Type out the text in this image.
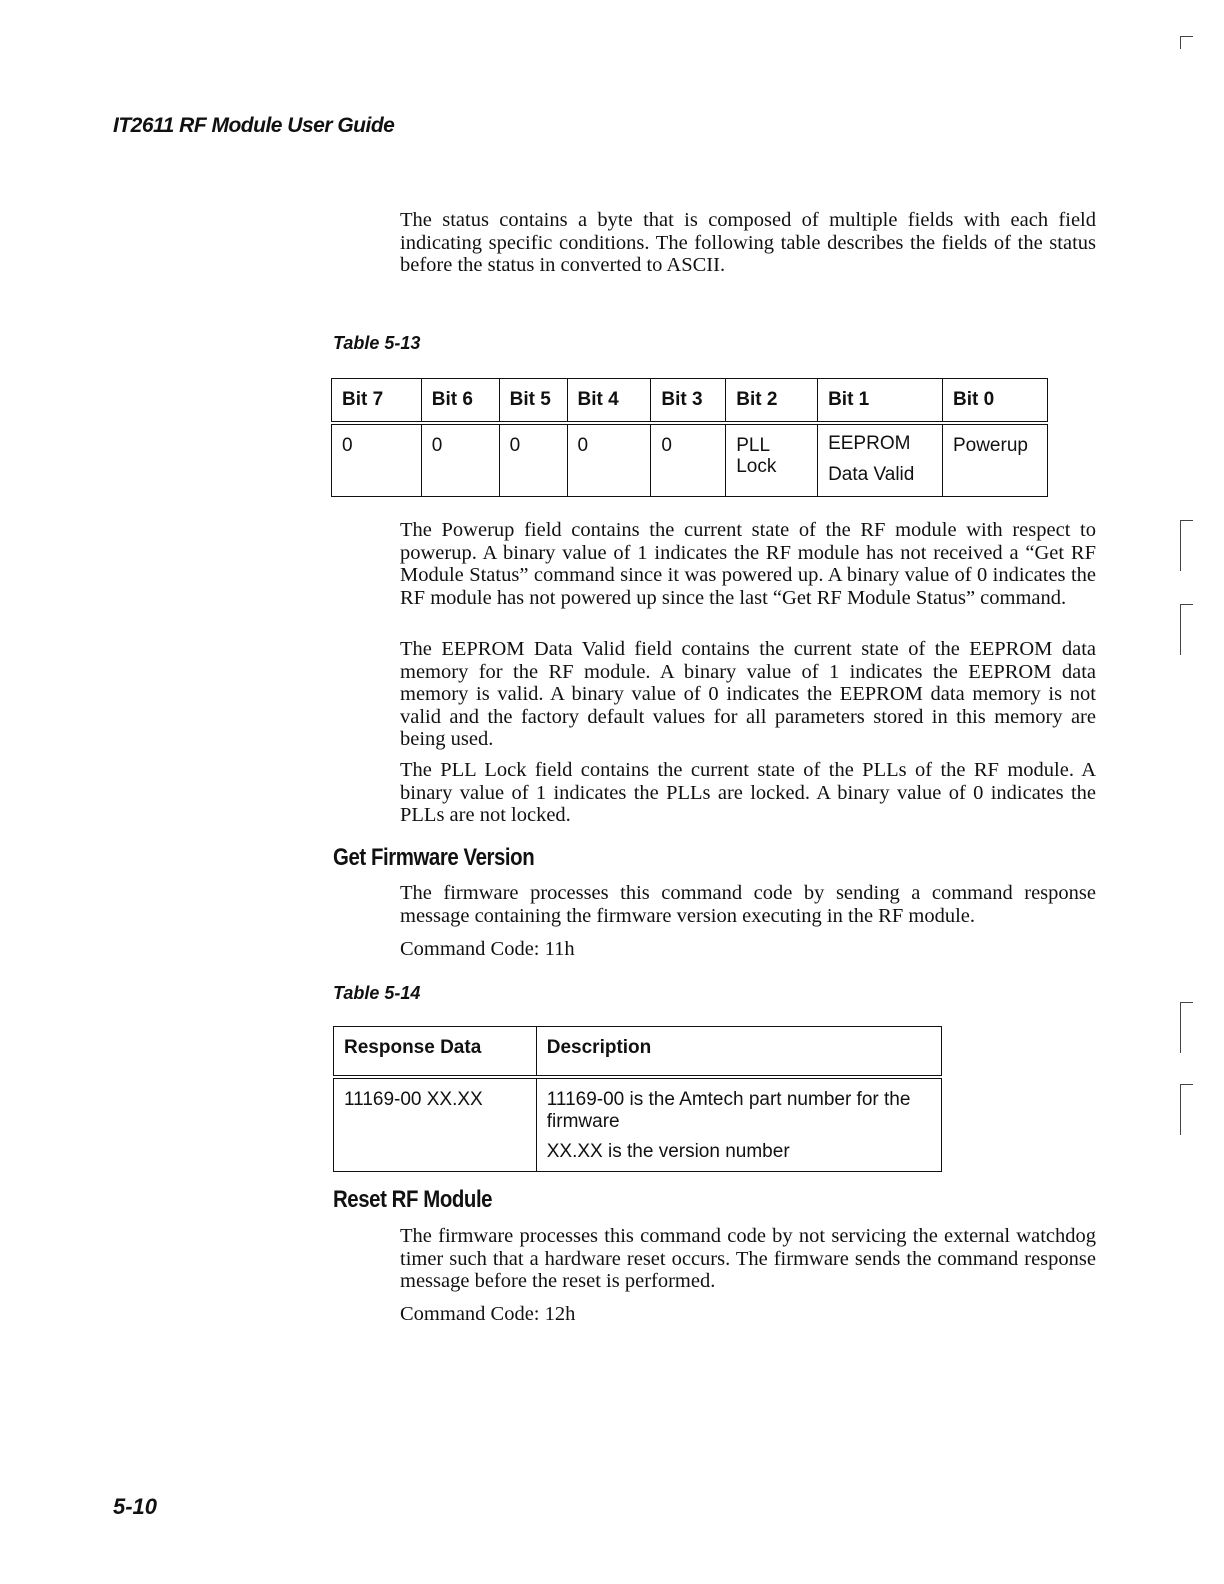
IT2611 RF Module User Guide

The status contains a byte that is composed of multiple fields with each field indicating specific conditions. The following table describes the fields of the status before the status in converted to ASCII.

Table 5-13
Bit 7	Bit 6	Bit 5	Bit 4	Bit 3	Bit 2	Bit 1	Bit 0
0	0	0	0	0	PLL Lock	EEPROM Data Valid	Powerup

The Powerup field contains the current state of the RF module with respect to powerup. A binary value of 1 indicates the RF module has not received a “Get RF Module Status” command since it was powered up. A binary value of 0 indicates the RF module has not powered up since the last “Get RF Module Status” command.

The EEPROM Data Valid field contains the current state of the EEPROM data memory for the RF module. A binary value of 1 indicates the EEPROM data memory is valid. A binary value of 0 indicates the EEPROM data memory is not valid and the factory default values for all parameters stored in this memory are being used.

The PLL Lock field contains the current state of the PLLs of the RF module. A binary value of 1 indicates the PLLs are locked. A binary value of 0 indicates the PLLs are not locked.

Get Firmware Version

The firmware processes this command code by sending a command response message containing the firmware version executing in the RF module.

Command Code: 11h

Table 5-14
Response Data	Description
11169-00 XX.XX	11169-00 is the Amtech part number for the firmware
XX.XX is the version number
Reset RF Module

The firmware processes this command code by not servicing the external watchdog timer such that a hardware reset occurs. The firmware sends the command response message before the reset is performed.

Command Code: 12h

5-10
